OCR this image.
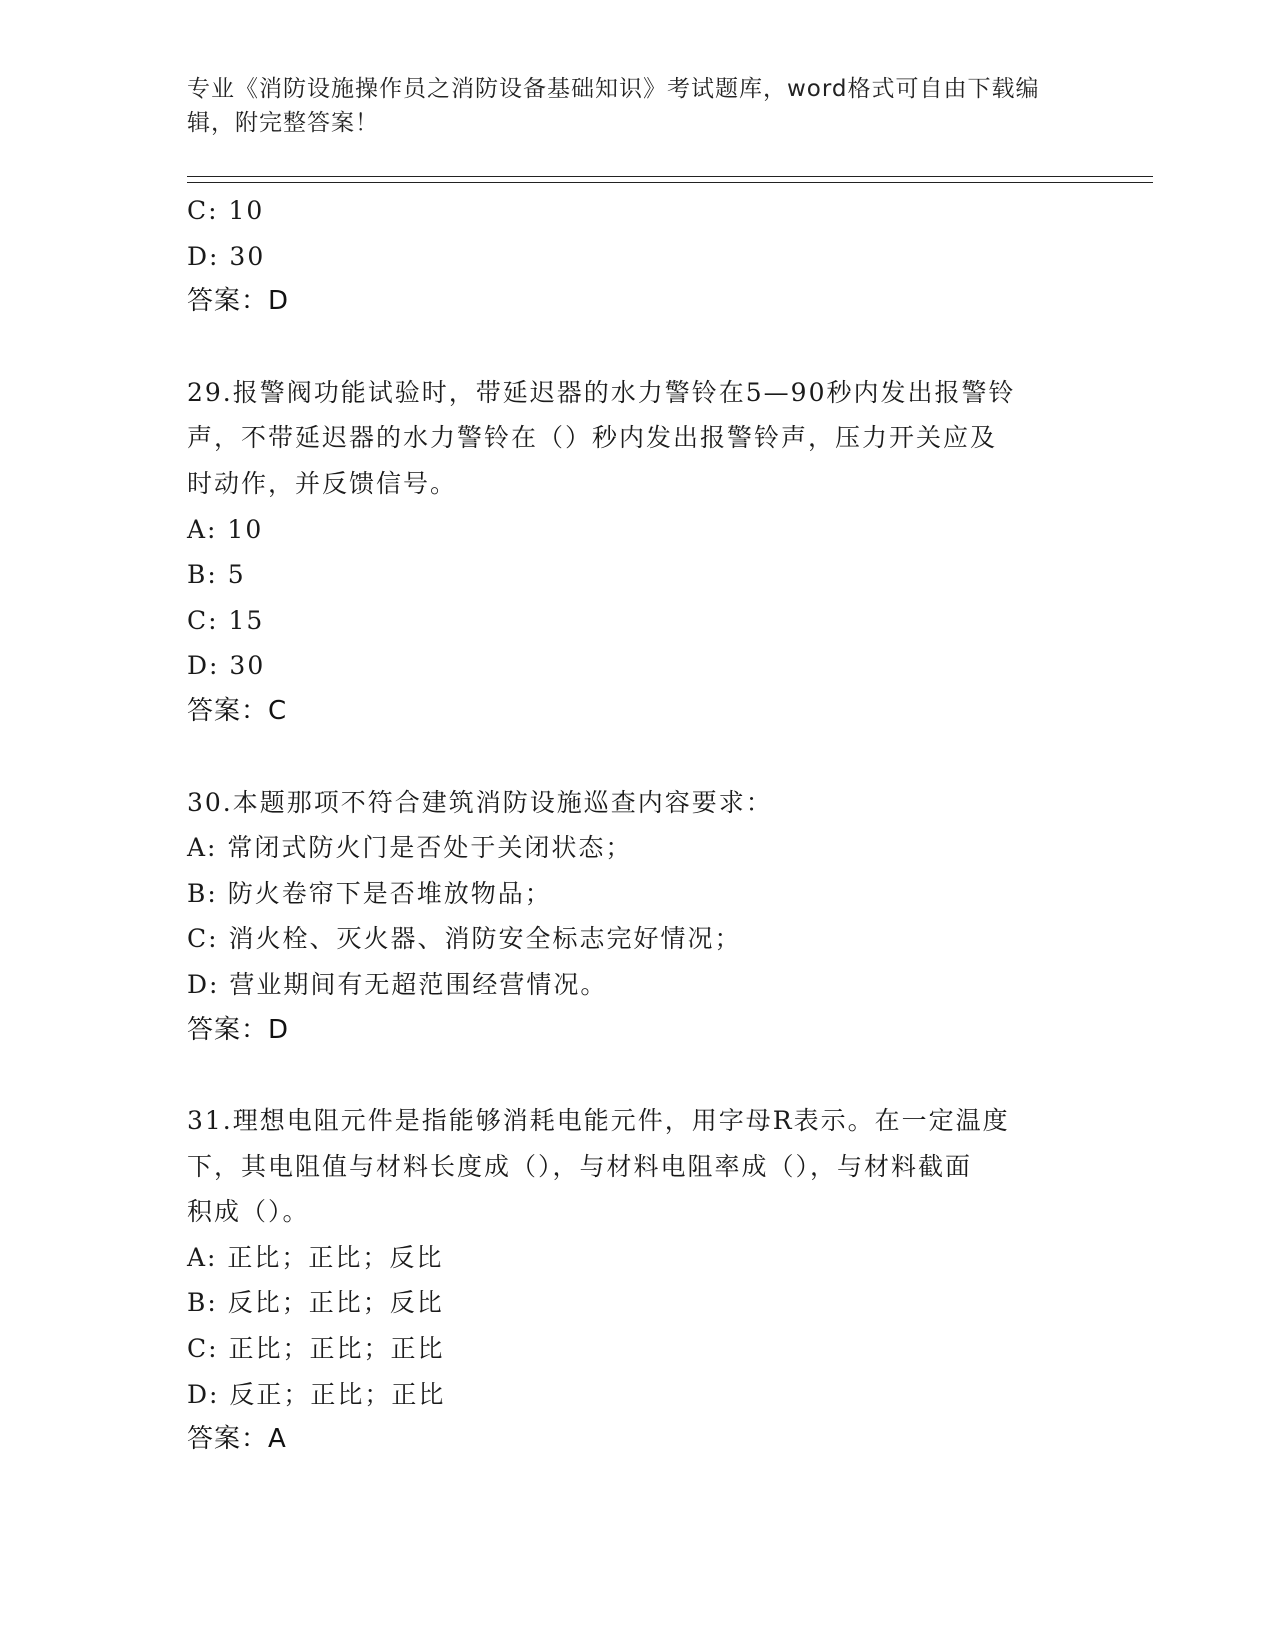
专业《消防设施操作员之消防设备基础知识》考试题库，word格式可自由下载编
辑，附完整答案！
C: 10
D: 30
答案：D
29.报警阀功能试验时，带延迟器的水力警铃在5—90秒内发出报警铃
声，不带延迟器的水力警铃在（）秒内发出报警铃声，压力开关应及
时动作，并反馈信号。
A: 10
B: 5
C: 15
D: 30
答案：C
30.本题那项不符合建筑消防设施巡查内容要求：
A: 常闭式防火门是否处于关闭状态；
B: 防火卷帘下是否堆放物品；
C: 消火栓、灭火器、消防安全标志完好情况；
D: 营业期间有无超范围经营情况。
答案：D
31.理想电阻元件是指能够消耗电能元件，用字母R表示。在一定温度
下，其电阻值与材料长度成（），与材料电阻率成（），与材料截面
积成（）。
A: 正比；正比；反比
B: 反比；正比；反比
C: 正比；正比；正比
D: 反正；正比；正比
答案：A
